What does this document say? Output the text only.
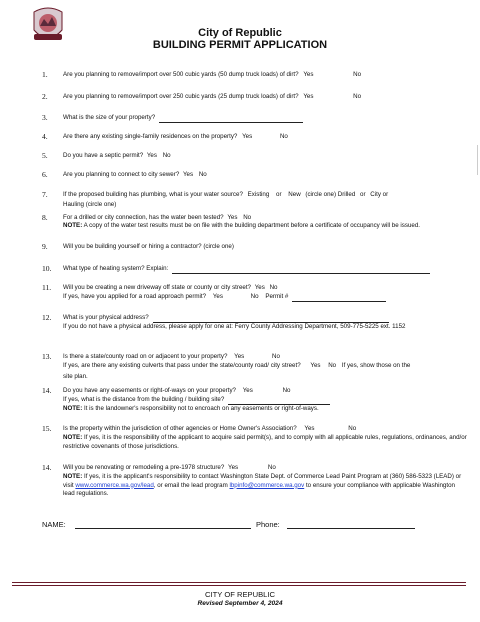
City of Republic
BUILDING PERMIT APPLICATION
1. Are you planning to remove/import over 500 cubic yards (50 dump truck loads) of dirt? Yes	No
2. Are you planning to remove/import over 250 cubic yards (25 dump truck loads) of dirt? Yes	No
3. What is the size of your property?
4. Are there any existing single-family residences on the property? Yes	No
5. Do you have a septic permit? Yes No
6. Are you planning to connect to city sewer? Yes No
7. If the proposed building has plumbing, what is your water source? Existing or New (circle one) Drilled or City or
Hauling (circle one)
8. For a drilled or city connection, has the water been tested? Yes No
NOTE: A copy of the water test results must be on file with the building department before a certificate of occupancy will be issued.
9. Will you be building yourself or hiring a contractor? (circle one)
10. What type of heating system? Explain:
11. Will you be creating a new driveway off state or county or city street? Yes No
If yes, have you applied for a road approach permit? Yes	No Permit #
12. What is your physical address?
If you do not have a physical address, please apply for one at: Ferry County Addressing Department, 509-775-5225 ext. 1152
13. Is there a state/county road on or adjacent to your property? Yes	No
If yes, are there any existing culverts that pass under the state/county road/ city street? Yes No If yes, show those on the
site plan.
14. Do you have any easements or right-of-ways on your property? Yes	No
If yes, what is the distance from the building / building site?
NOTE: It is the landowner's responsibility not to encroach on any easements or right-of-ways.
15. Is the property within the jurisdiction of other agencies or Home Owner's Association? Yes	No
NOTE: If yes, it is the responsibility of the applicant to acquire said permit(s), and to comply with all applicable rules, regulations, ordinances, and/or restrictive covenants of those jurisdictions.
14. Will you be renovating or remodeling a pre-1978 structure? Yes	No
NOTE: If yes, it is the applicant's responsibility to contact Washington State Dept. of Commerce Lead Paint Program at (360) 586-5323 (LEAD) or visit www.commerce.wa.gov/lead, or email the lead program lbpinfo@commerce.wa.gov to ensure your compliance with applicable Washington lead regulations.
NAME:	Phone:
CITY OF REPUBLIC
Revised September 4, 2024
